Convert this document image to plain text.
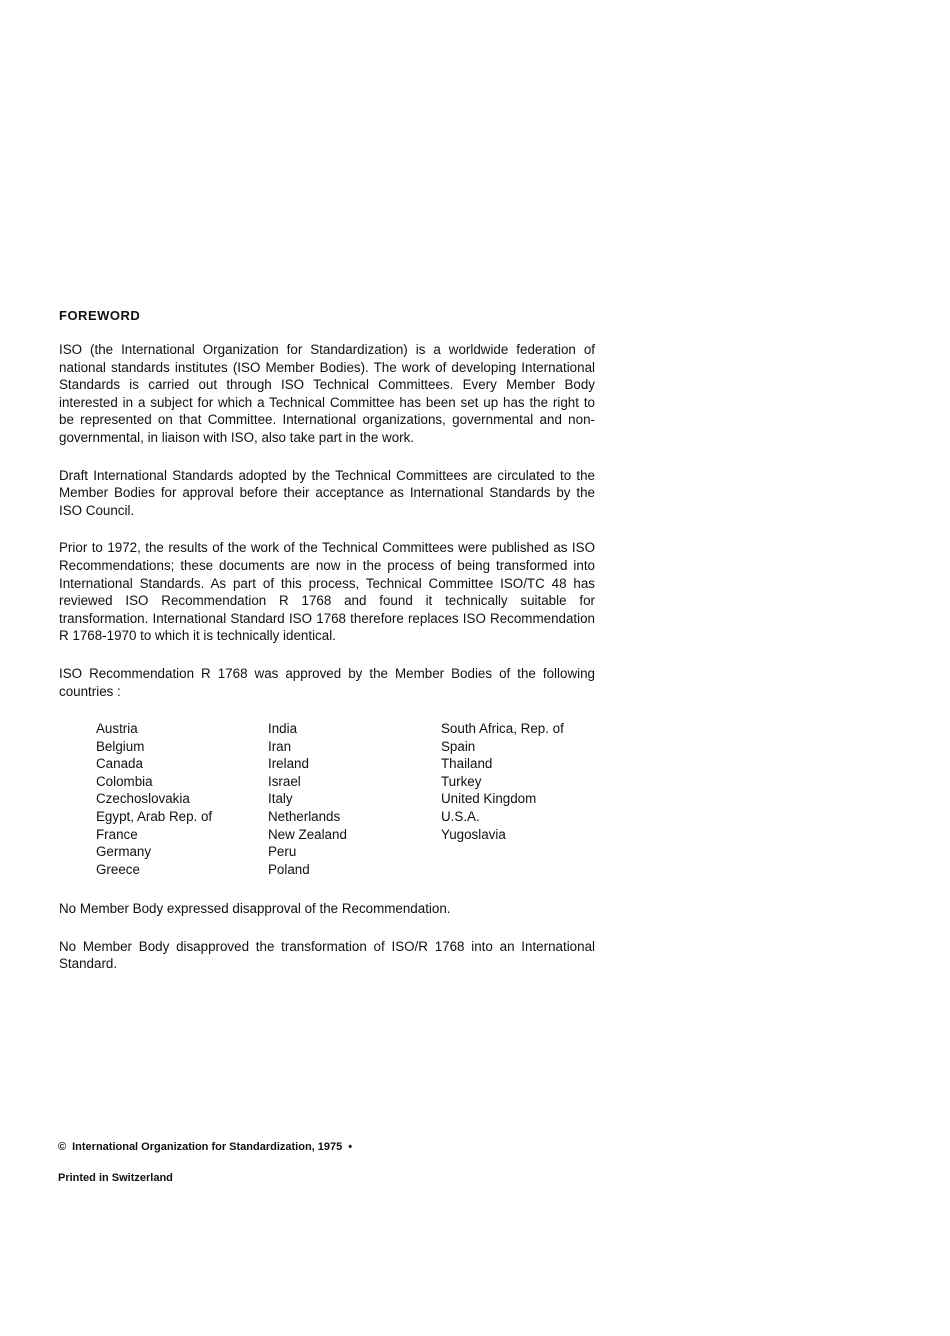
FOREWORD

ISO (the International Organization for Standardization) is a worldwide federation of national standards institutes (ISO Member Bodies). The work of developing International Standards is carried out through ISO Technical Committees. Every Member Body interested in a subject for which a Technical Committee has been set up has the right to be represented on that Committee. International organizations, governmental and non-governmental, in liaison with ISO, also take part in the work.

Draft International Standards adopted by the Technical Committees are circulated to the Member Bodies for approval before their acceptance as International Standards by the ISO Council.

Prior to 1972, the results of the work of the Technical Committees were published as ISO Recommendations; these documents are now in the process of being transformed into International Standards. As part of this process, Technical Committee ISO/TC 48 has reviewed ISO Recommendation R 1768 and found it technically suitable for transformation. International Standard ISO 1768 therefore replaces ISO Recommendation R 1768-1970 to which it is technically identical.

ISO Recommendation R 1768 was approved by the Member Bodies of the following countries :

Austria
Belgium
Canada
Colombia
Czechoslovakia
Egypt, Arab Rep. of
France
Germany
Greece
India
Iran
Ireland
Israel
Italy
Netherlands
New Zealand
Peru
Poland
South Africa, Rep. of
Spain
Thailand
Turkey
United Kingdom
U.S.A.
Yugoslavia

No Member Body expressed disapproval of the Recommendation.

No Member Body disapproved the transformation of ISO/R 1768 into an International Standard.

© International Organization for Standardization, 1975 •
Printed in Switzerland
